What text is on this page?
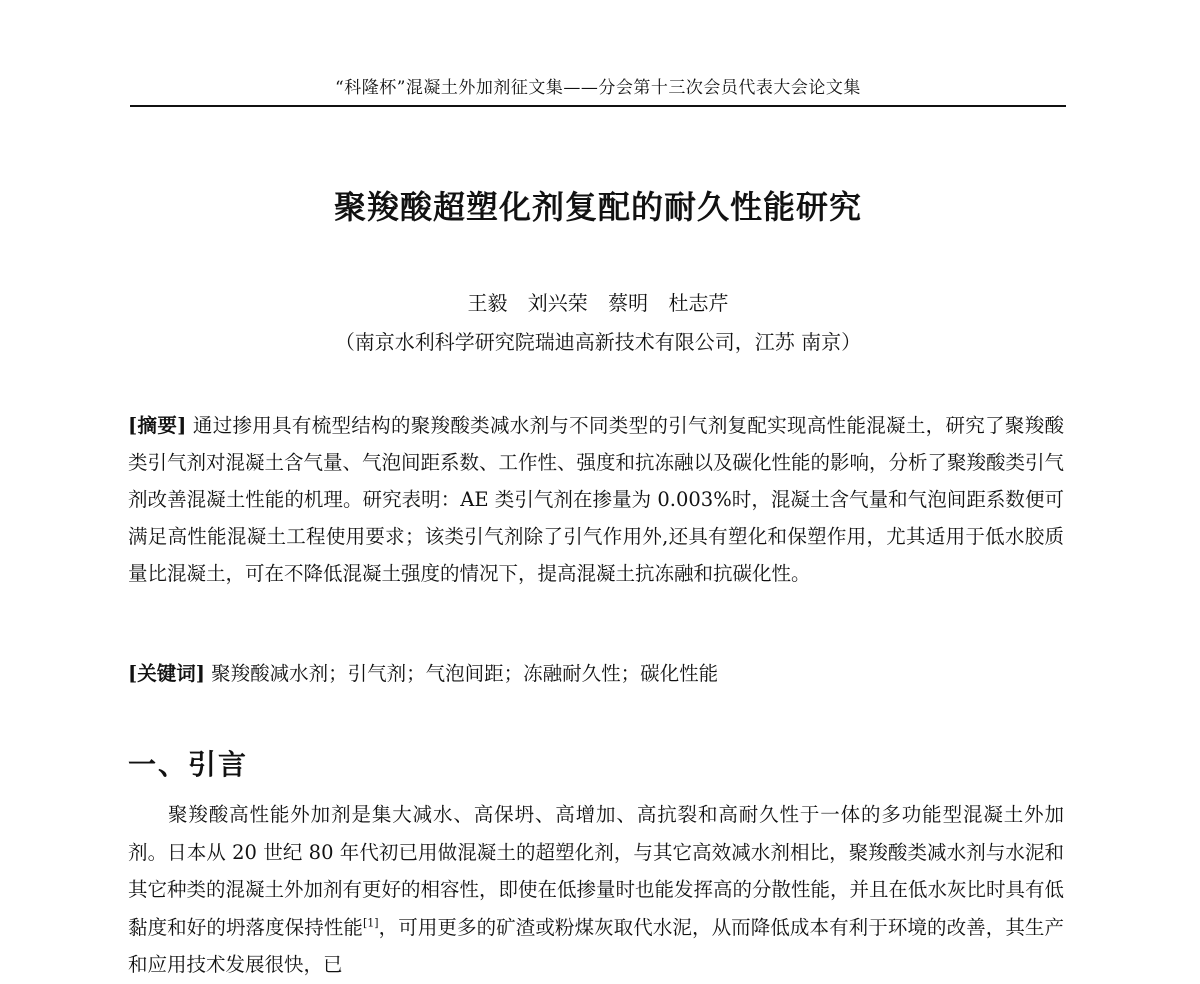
“科隆杯”混凝土外加剂征文集——分会第十三次会员代表大会论文集
聚羧酸超塑化剂复配的耐久性能研究
王毅 刘兴荣 蔡明 杜志芹
（南京水利科学研究院瑞迪高新技术有限公司，江苏 南京）
[摘要] 通过掺用具有梳型结构的聚羧酸类减水剂与不同类型的引气剂复配实现高性能混凝土，研究了聚羧酸类引气剂对混凝土含气量、气泡间距系数、工作性、强度和抗冻融以及碳化性能的影响，分析了聚羧酸类引气剂改善混凝土性能的机理。研究表明：AE 类引气剂在掺量为 0.003%时，混凝土含气量和气泡间距系数便可满足高性能混凝土工程使用要求；该类引气剂除了引气作用外,还具有塑化和保塑作用，尤其适用于低水胶质量比混凝土，可在不降低混凝土强度的情况下，提高混凝土抗冻融和抗碳化性。
[关键词] 聚羧酸减水剂；引气剂；气泡间距；冻融耐久性；碳化性能
一、引言
聚羧酸高性能外加剂是集大减水、高保坍、高增加、高抗裂和高耐久性于一体的多功能型混凝土外加剂。日本从 20 世纪 80 年代初已用做混凝土的超塑化剂，与其它高效减水剂相比，聚羧酸类减水剂与水泥和其它种类的混凝土外加剂有更好的相容性，即使在低掺量时也能发挥高的分散性能，并且在低水灰比时具有低黏度和好的坍落度保持性能[1]，可用更多的矿渣或粉煤灰取代水泥，从而降低成本有利于环境的改善，其生产和应用技术发展很快，已
